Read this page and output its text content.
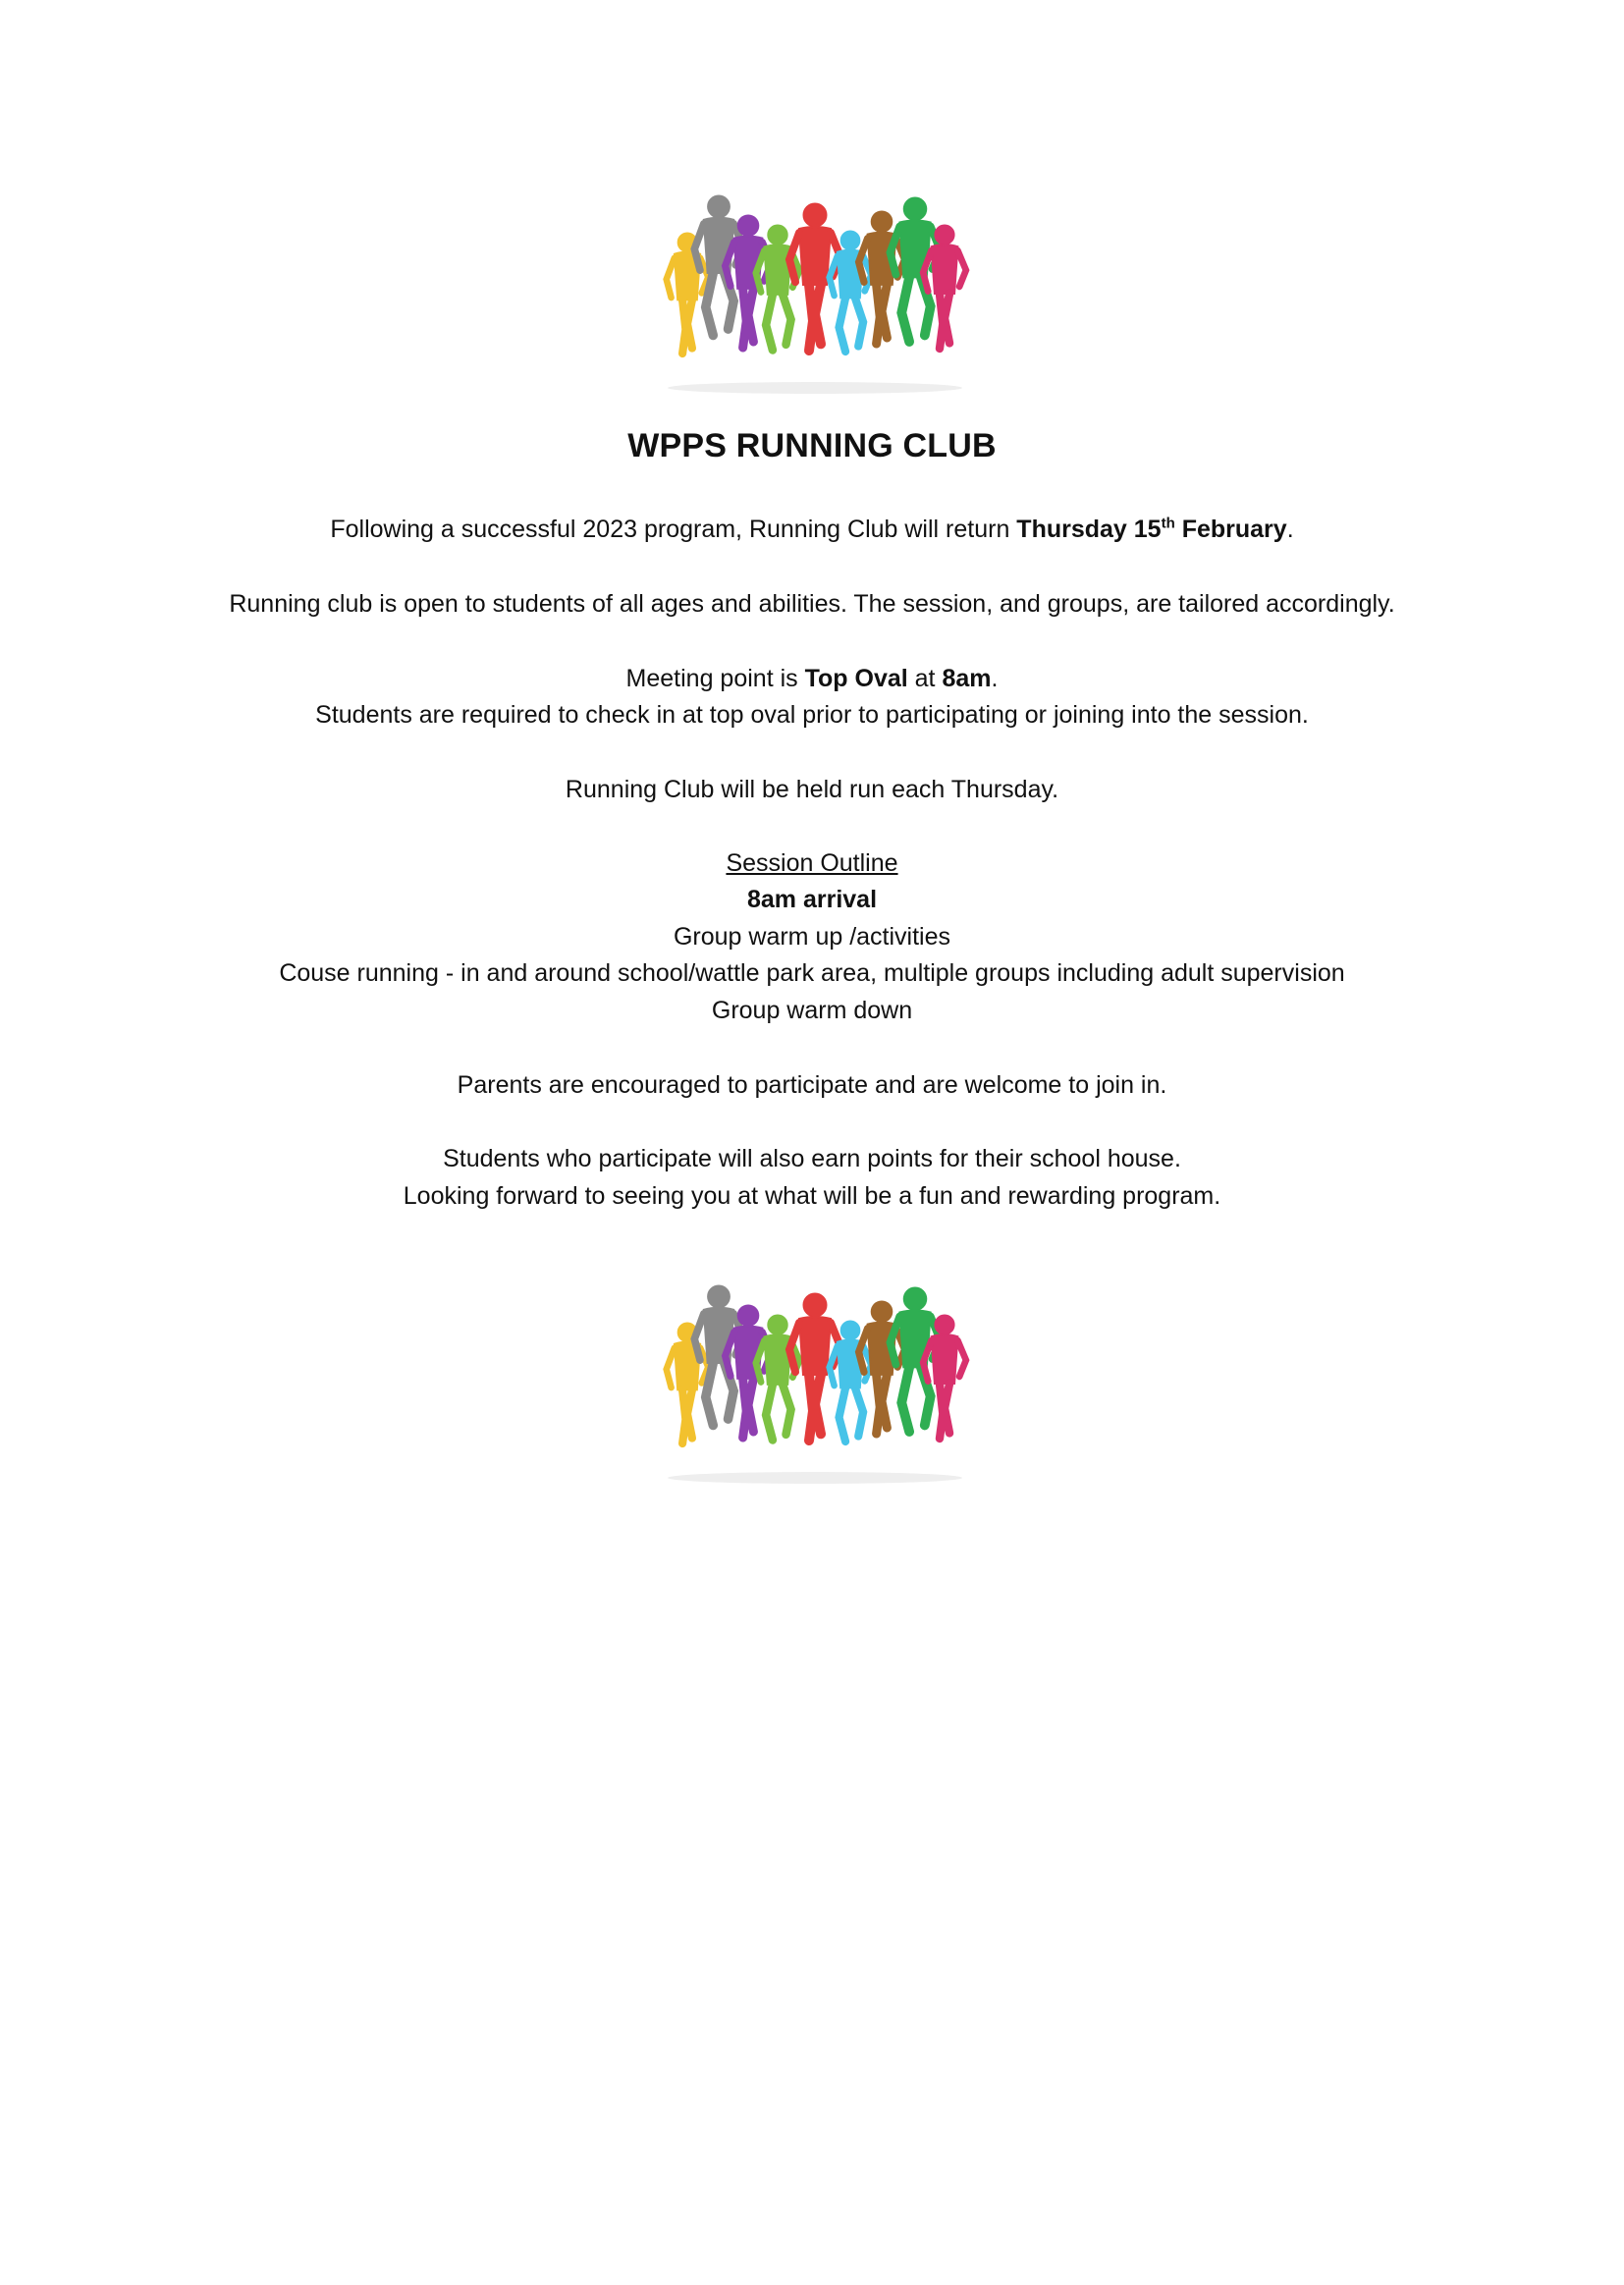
WPPS RUNNING CLUB
Following a successful 2023 program, Running Club will return Thursday 15th February.
Running club is open to students of all ages and abilities. The session, and groups, are tailored accordingly.
Meeting point is Top Oval at 8am.
Students are required to check in at top oval prior to participating or joining into the session.
Running Club will be held run each Thursday.
Session Outline
8am arrival
Group warm up /activities
Couse running - in and around school/wattle park area, multiple groups including adult supervision
Group warm down
Parents are encouraged to participate and are welcome to join in.
Students who participate will also earn points for their school house.
Looking forward to seeing you at what will be a fun and rewarding program.
